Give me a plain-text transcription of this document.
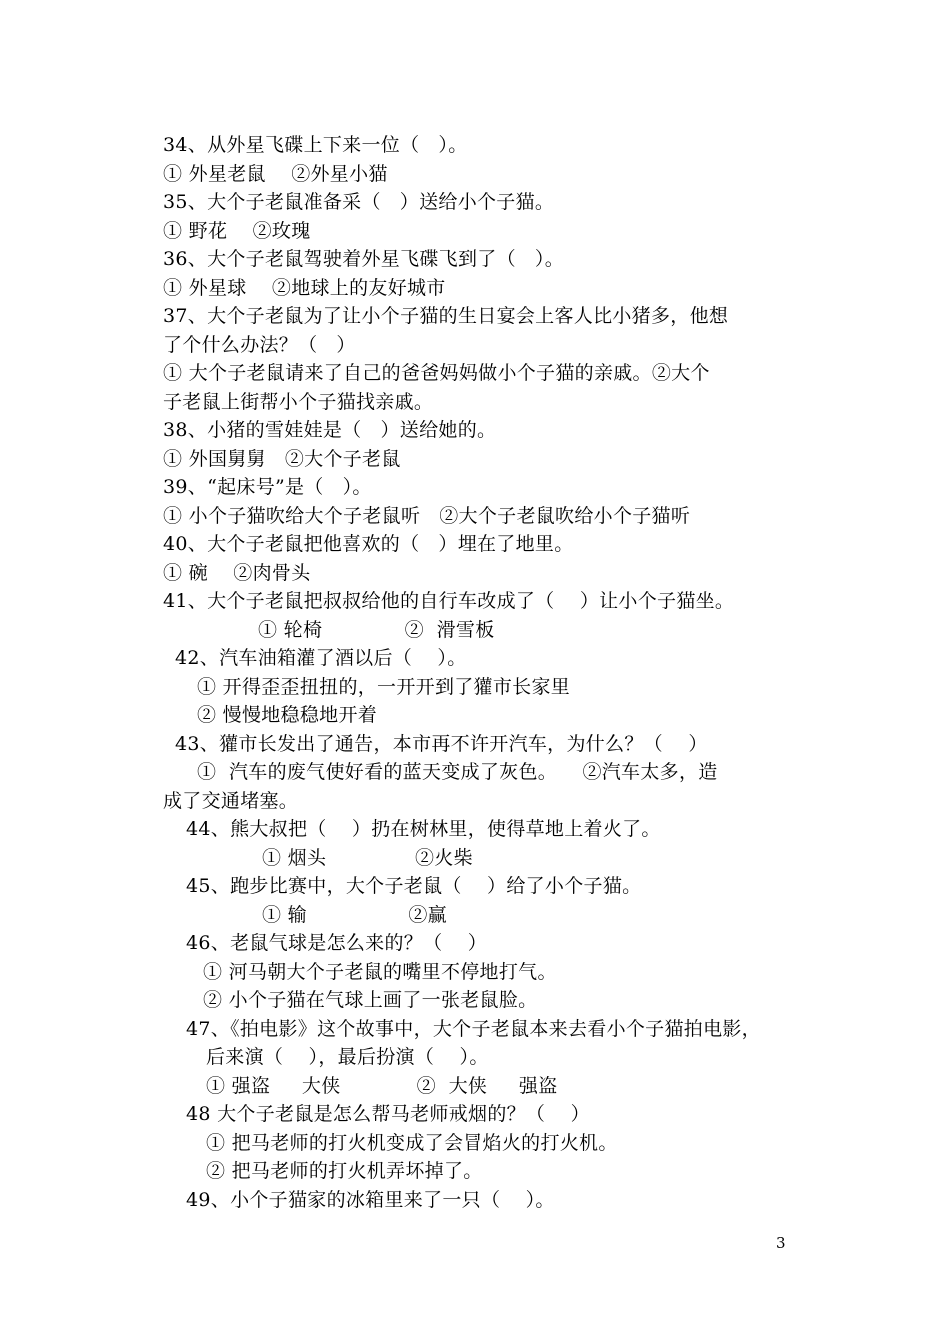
34、从外星飞碟上下来一位（   ）。
① 外星老鼠    ②外星小猫
35、大个子老鼠准备采（   ）送给小个子猫。
① 野花    ②玫瑰
36、大个子老鼠驾驶着外星飞碟飞到了（   ）。
① 外星球    ②地球上的友好城市
37、大个子老鼠为了让小个子猫的生日宴会上客人比小猪多，他想
了个什么办法？（   ）
① 大个子老鼠请来了自己的爸爸妈妈做小个子猫的亲戚。②大个
子老鼠上街帮小个子猫找亲戚。
38、小猪的雪娃娃是（   ）送给她的。
① 外国舅舅   ②大个子老鼠
39、“起床号”是（   ）。
① 小个子猫吹给大个子老鼠听   ②大个子老鼠吹给小个子猫听
40、大个子老鼠把他喜欢的（   ）埋在了地里。
① 碗    ②肉骨头
41、大个子老鼠把叔叔给他的自行车改成了（    ）让小个子猫坐。
① 轮椅             ②  滑雪板
42、汽车油箱灌了酒以后（    ）。
① 开得歪歪扭扭的，一开开到了獾市长家里
② 慢慢地稳稳地开着
43、獾市长发出了通告，本市再不许开汽车，为什么？（    ）
①  汽车的废气使好看的蓝天变成了灰色。    ②汽车太多，造
成了交通堵塞。
44、熊大叔把（    ）扔在树林里，使得草地上着火了。
① 烟头              ②火柴
45、跑步比赛中，大个子老鼠（    ）给了小个子猫。
① 输                ②赢
46、老鼠气球是怎么来的？（    ）
① 河马朝大个子老鼠的嘴里不停地打气。
② 小个子猫在气球上画了一张老鼠脸。
47、《拍电影》这个故事中，大个子老鼠本来去看小个子猫拍电影，
后来演（    ），最后扮演（    ）。
① 强盗     大侠            ②  大侠     强盗
48 大个子老鼠是怎么帮马老师戒烟的？（    ）
① 把马老师的打火机变成了会冒焰火的打火机。
② 把马老师的打火机弄坏掉了。
49、小个子猫家的冰箱里来了一只（    ）。
3
